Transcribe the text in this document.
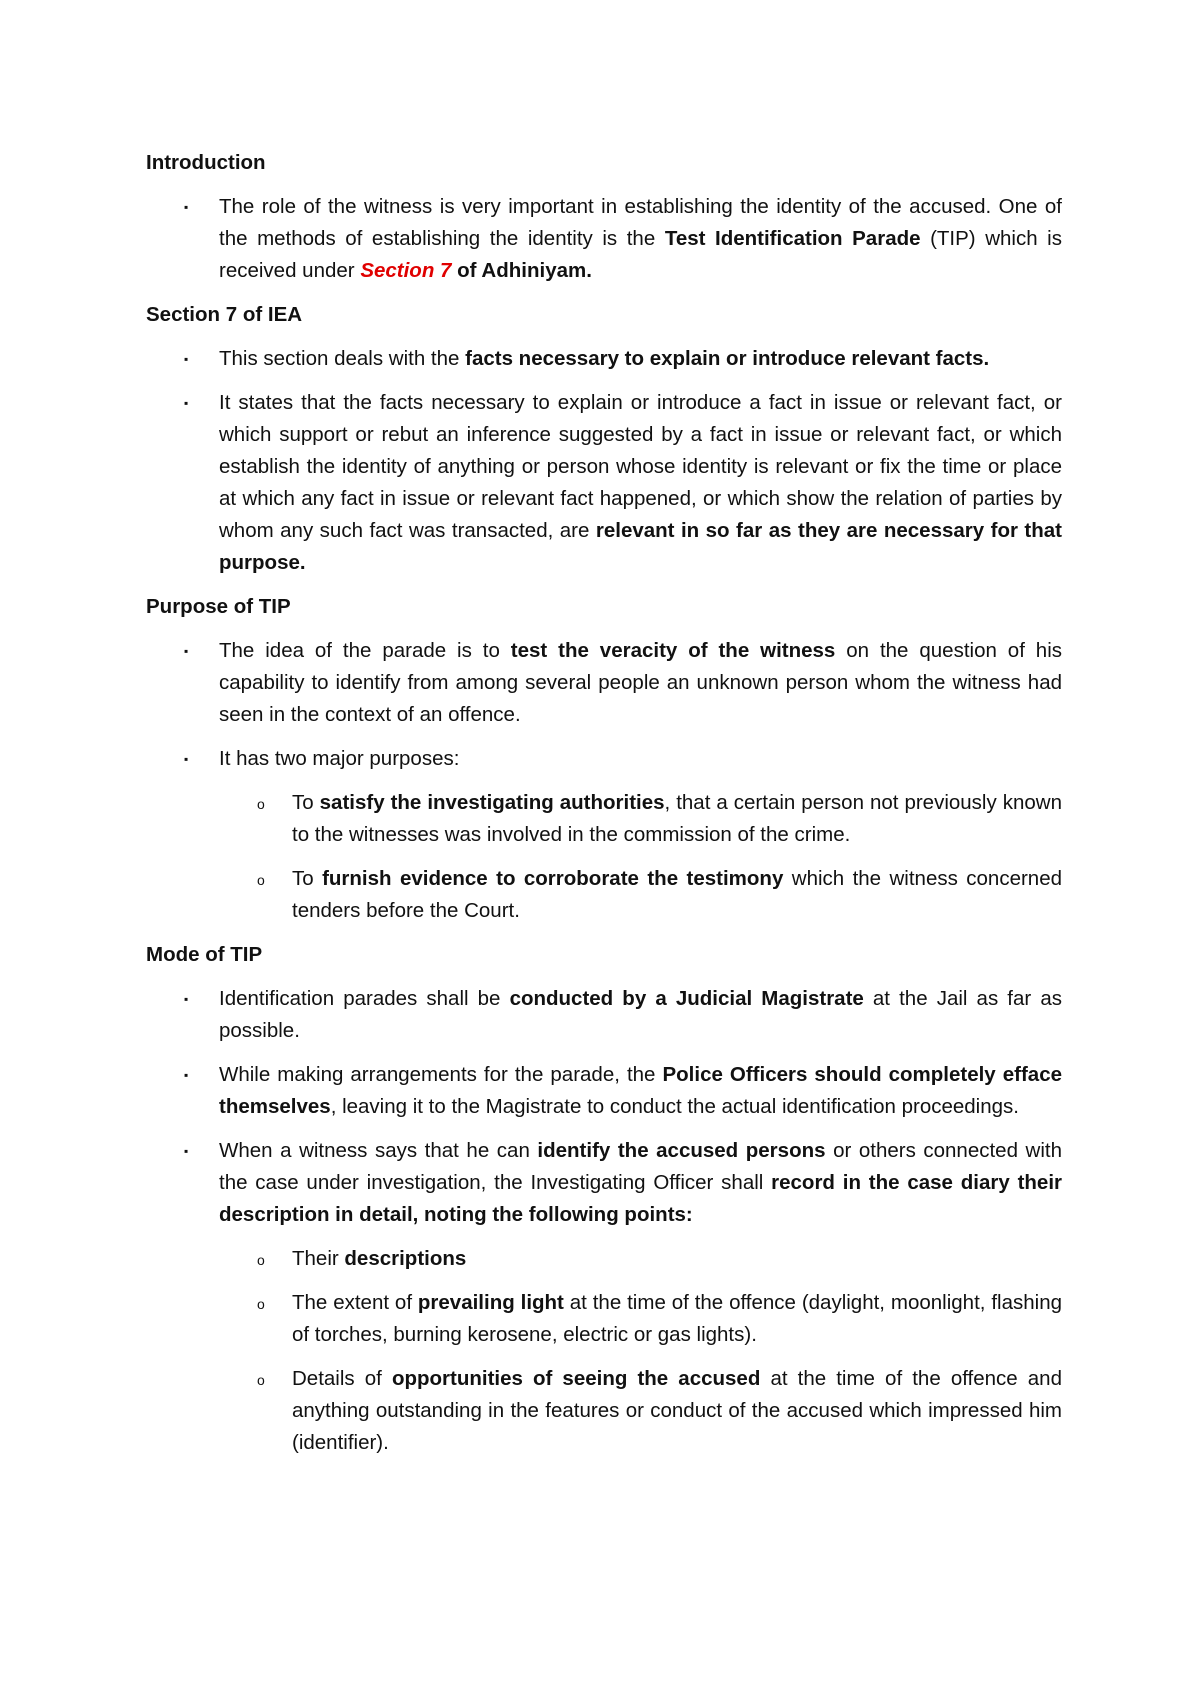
Introduction
▪ The role of the witness is very important in establishing the identity of the accused. One of the methods of establishing the identity is the Test Identification Parade (TIP) which is received under Section 7 of Adhiniyam.
Section 7 of IEA
▪ This section deals with the facts necessary to explain or introduce relevant facts.
▪ It states that the facts necessary to explain or introduce a fact in issue or relevant fact, or which support or rebut an inference suggested by a fact in issue or relevant fact, or which establish the identity of anything or person whose identity is relevant or fix the time or place at which any fact in issue or relevant fact happened, or which show the relation of parties by whom any such fact was transacted, are relevant in so far as they are necessary for that purpose.
Purpose of TIP
▪ The idea of the parade is to test the veracity of the witness on the question of his capability to identify from among several people an unknown person whom the witness had seen in the context of an offence.
▪ It has two major purposes:
o To satisfy the investigating authorities, that a certain person not previously known to the witnesses was involved in the commission of the crime.
o To furnish evidence to corroborate the testimony which the witness concerned tenders before the Court.
Mode of TIP
▪ Identification parades shall be conducted by a Judicial Magistrate at the Jail as far as possible.
▪ While making arrangements for the parade, the Police Officers should completely efface themselves, leaving it to the Magistrate to conduct the actual identification proceedings.
▪ When a witness says that he can identify the accused persons or others connected with the case under investigation, the Investigating Officer shall record in the case diary their description in detail, noting the following points:
o Their descriptions
o The extent of prevailing light at the time of the offence (daylight, moonlight, flashing of torches, burning kerosene, electric or gas lights).
o Details of opportunities of seeing the accused at the time of the offence and anything outstanding in the features or conduct of the accused which impressed him (identifier).
